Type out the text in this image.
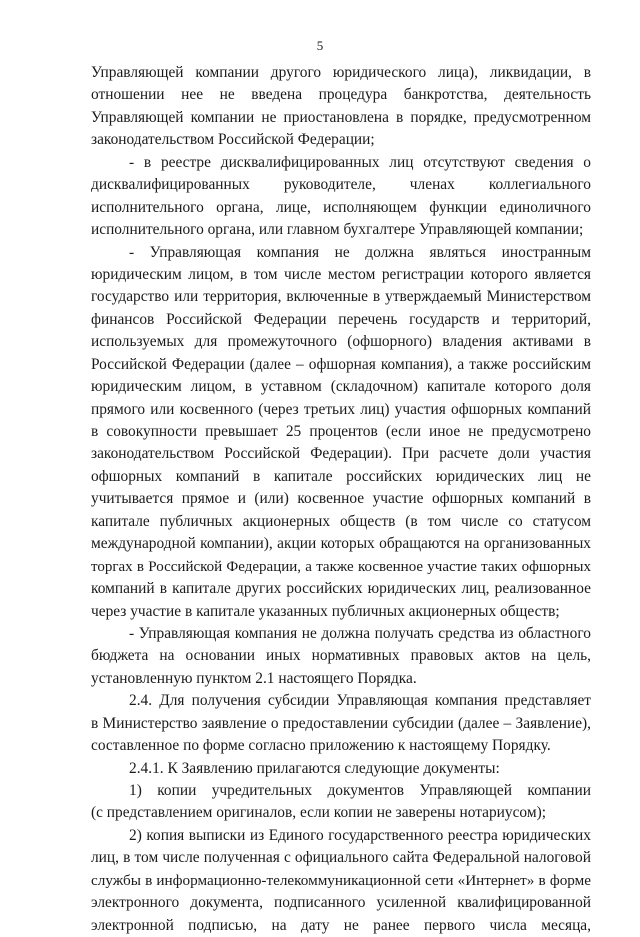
5
Управляющей компании другого юридического лица), ликвидации, в
отношении нее не введена процедура банкротства, деятельность
Управляющей компании не приостановлена в порядке, предусмотренном
законодательством Российской Федерации;
- в реестре дисквалифицированных лиц отсутствуют сведения о
дисквалифицированных руководителе, членах коллегиального
исполнительного органа, лице, исполняющем функции единоличного
исполнительного органа, или главном бухгалтере Управляющей компании;
- Управляющая компания не должна являться иностранным
юридическим лицом, в том числе местом регистрации которого является
государство или территория, включенные в утверждаемый Министерством
финансов Российской Федерации перечень государств и территорий,
используемых для промежуточного (офшорного) владения активами в
Российской Федерации (далее – офшорная компания), а также российским
юридическим лицом, в уставном (складочном) капитале которого доля
прямого или косвенного (через третьих лиц) участия офшорных компаний
в совокупности превышает 25 процентов (если иное не предусмотрено
законодательством Российской Федерации). При расчете доли участия
офшорных компаний в капитале российских юридических лиц не
учитывается прямое и (или) косвенное участие офшорных компаний в
капитале публичных акционерных обществ (в том числе со статусом
международной компании), акции которых обращаются на организованных
торгах в Российской Федерации, а также косвенное участие таких офшорных
компаний в капитале других российских юридических лиц, реализованное
через участие в капитале указанных публичных акционерных обществ;
- Управляющая компания не должна получать средства из областного
бюджета на основании иных нормативных правовых актов на цель,
установленную пунктом 2.1 настоящего Порядка.
2.4. Для получения субсидии Управляющая компания представляет
в Министерство заявление о предоставлении субсидии (далее – Заявление),
составленное по форме согласно приложению к настоящему Порядку.
2.4.1. К Заявлению прилагаются следующие документы:
1) копии учредительных документов Управляющей компании
(с представлением оригиналов, если копии не заверены нотариусом);
2) копия выписки из Единого государственного реестра юридических
лиц, в том числе полученная с официального сайта Федеральной налоговой
службы в информационно-телекоммуникационной сети «Интернет» в форме
электронного документа, подписанного усиленной квалифицированной
электронной подписью, на дату не ранее первого числа месяца,
